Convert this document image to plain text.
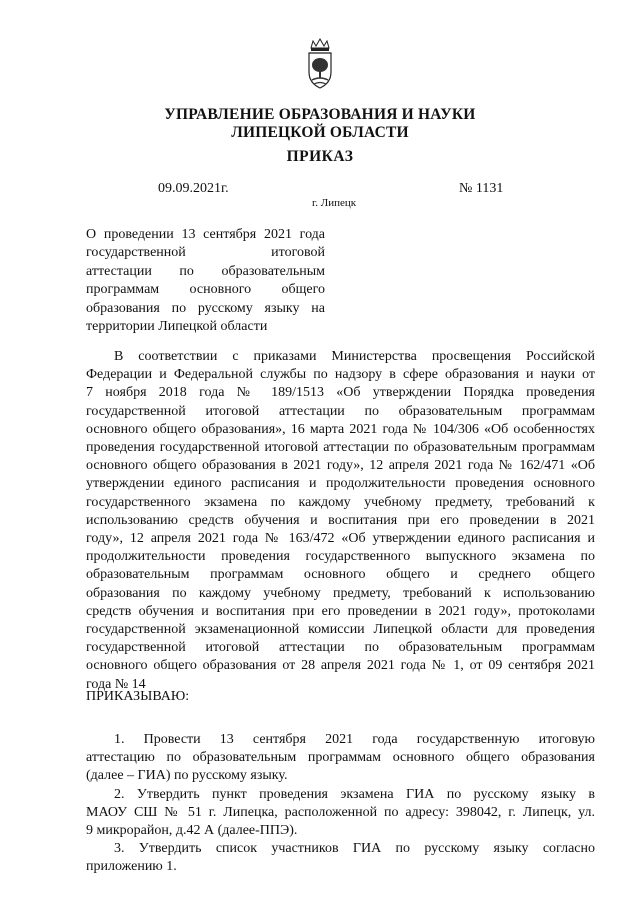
УПРАВЛЕНИЕ ОБРАЗОВАНИЯ И НАУКИ
ЛИПЕЦКОЙ ОБЛАСТИ
ПРИКАЗ
09.09.2021г.
г. Липецк
№ 1131
О проведении 13 сентября 2021 года
государственной итоговой
аттестации по образовательным
программам основного общего
образования по русскому языку на
территории Липецкой области
В соответствии с приказами Министерства просвещения Российской
Федерации и Федеральной службы по надзору в сфере образования и науки от
7 ноября 2018 года № 189/1513 «Об утверждении Порядка проведения
государственной итоговой аттестации по образовательным программам
основного общего образования», 16 марта 2021 года № 104/306 «Об особенностях
проведения государственной итоговой аттестации по образовательным программам
основного общего образования в 2021 году», 12 апреля 2021 года № 162/471 «Об
утверждении единого расписания и продолжительности проведения основного
государственного экзамена по каждому учебному предмету, требований к
использованию средств обучения и воспитания при его проведении в 2021
году», 12 апреля 2021 года № 163/472 «Об утверждении единого расписания и
продолжительности проведения государственного выпускного экзамена по
образовательным программам основного общего и среднего общего
образования по каждому учебному предмету, требований к использованию
средств обучения и воспитания при его проведении в 2021 году», протоколами
государственной экзаменационной комиссии Липецкой области для проведения
государственной итоговой аттестации по образовательным программам
основного общего образования от 28 апреля 2021 года № 1, от 09 сентября 2021
года № 14
ПРИКАЗЫВАЮ:
1. Провести 13 сентября 2021 года государственную итоговую
аттестацию по образовательным программам основного общего образования
(далее – ГИА) по русскому языку.
2. Утвердить пункт проведения экзамена ГИА по русскому языку в
МАОУ СШ № 51 г. Липецка, расположенной по адресу: 398042, г. Липецк, ул.
9 микрорайон, д.42 А (далее-ППЭ).
3. Утвердить список участников ГИА по русскому языку согласно
приложению 1.
